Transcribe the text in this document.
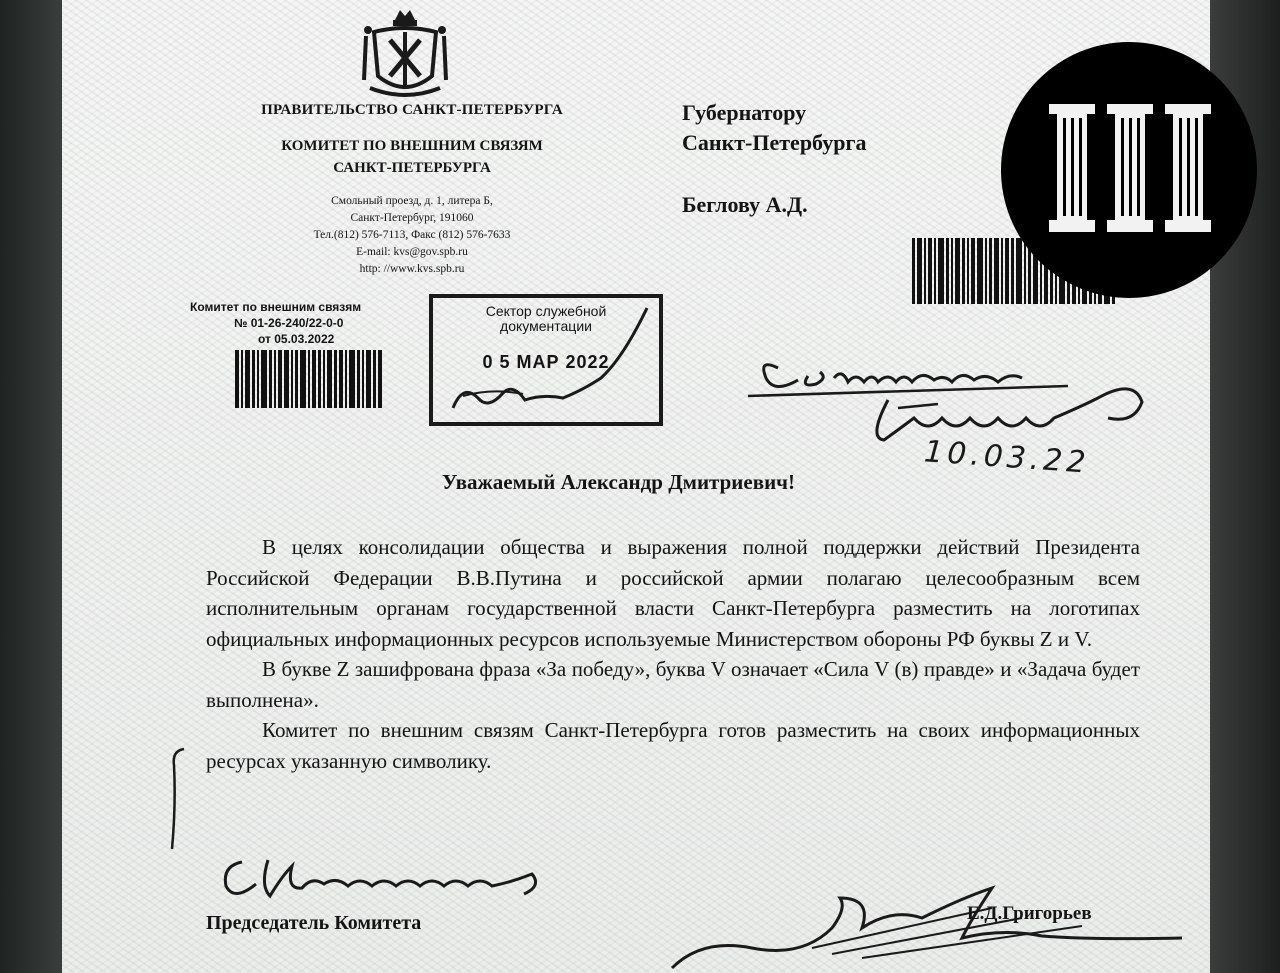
ПРАВИТЕЛЬСТВО САНКТ-ПЕТЕРБУРГА
КОМИТЕТ ПО ВНЕШНИМ СВЯЗЯМ
САНКТ-ПЕТЕРБУРГА
Смольный проезд, д. 1, литера Б,
Санкт-Петербург, 191060
Тел.(812) 576-7113, Факс (812) 576-7633
E-mail: kvs@gov.spb.ru
http: //www.kvs.spb.ru
Губернатору
Санкт-Петербурга
Беглову А.Д.
Комитет по внешним связям
№ 01-26-240/22-0-0
от 05.03.2022
Сектор служебной
документации
0 5 МАР 2022
10.03.22
Уважаемый Александр Дмитриевич!

В целях консолидации общества и выражения полной поддержки действий Президента Российской Федерации В.В.Путина и российской армии полагаю целесообразным всем исполнительным органам государственной власти Санкт-Петербурга разместить на логотипах официальных информационных ресурсов используемые Министерством обороны РФ буквы Z и V.

В букве Z зашифрована фраза «За победу», буква V означает «Сила V (в) правде» и «Задача будет выполнена».

Комитет по внешним связям Санкт-Петербурга готов разместить на своих информационных ресурсах указанную символику.

Председатель Комитета	Е.Д.Григорьев
